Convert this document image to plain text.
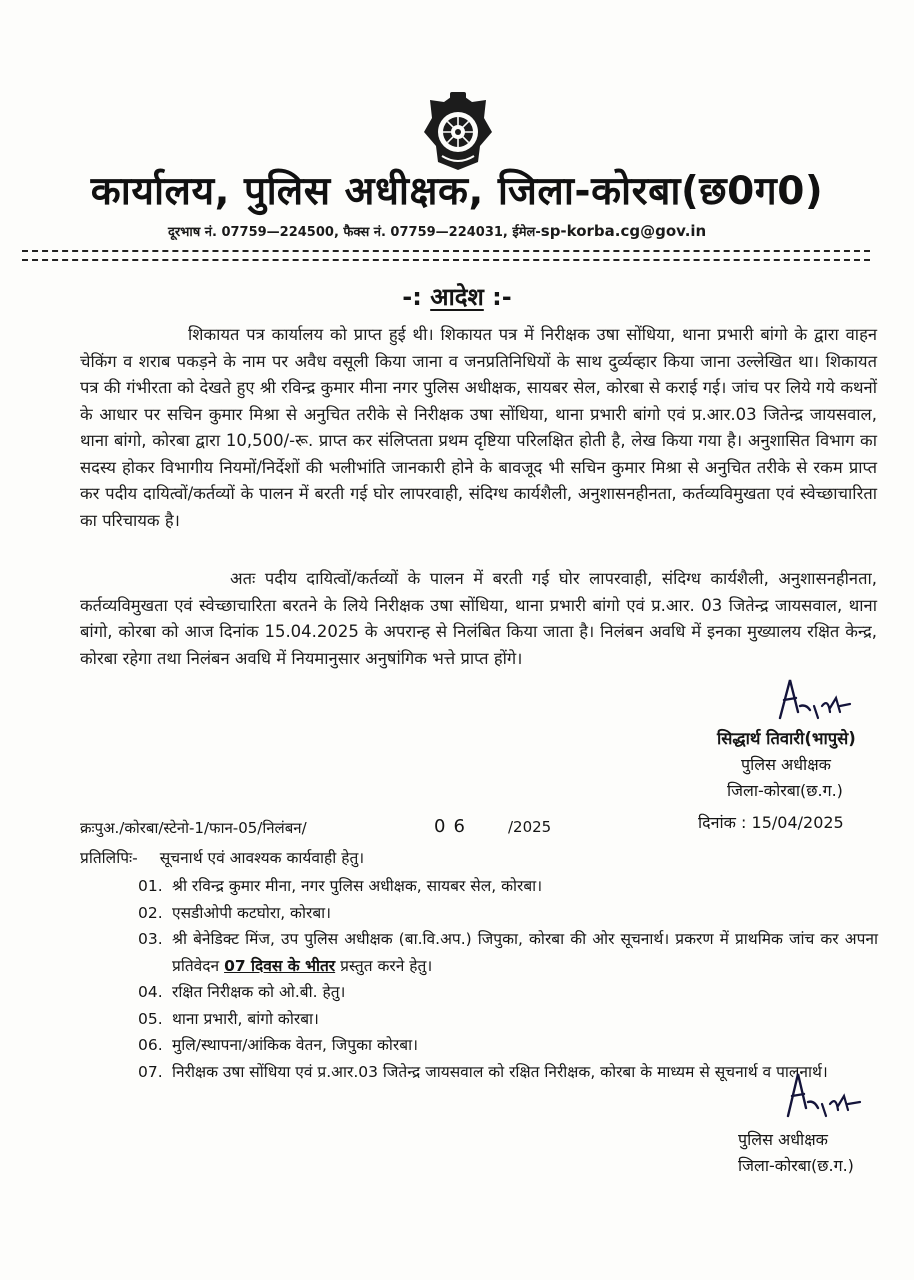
कार्यालय, पुलिस अधीक्षक, जिला-कोरबा(छ0ग0)
दूरभाष नं. 07759—224500, फैक्स नं. 07759—224031, ईमेल-sp-korba.cg@gov.in
-: आदेश :-
शिकायत पत्र कार्यालय को प्राप्त हुई थी। शिकायत पत्र में निरीक्षक उषा सोंधिया, थाना प्रभारी बांगो के द्वारा वाहन चेकिंग व शराब पकड़ने के नाम पर अवैध वसूली किया जाना व जनप्रतिनिधियों के साथ दुर्व्यव्हार किया जाना उल्लेखित था। शिकायत पत्र की गंभीरता को देखते हुए श्री रविन्द्र कुमार मीना नगर पुलिस अधीक्षक, सायबर सेल, कोरबा से कराई गई। जांच पर लिये गये कथनों के आधार पर सचिन कुमार मिश्रा से अनुचित तरीके से निरीक्षक उषा सोंधिया, थाना प्रभारी बांगो एवं प्र.आर.03 जितेन्द्र जायसवाल, थाना बांगो, कोरबा द्वारा 10,500/-रू. प्राप्त कर संलिप्तता प्रथम दृष्टिया परिलक्षित होती है, लेख किया गया है। अनुशासित विभाग का सदस्य होकर विभागीय नियमों/निर्देशों की भलीभांति जानकारी होने के बावजूद भी सचिन कुमार मिश्रा से अनुचित तरीके से रकम प्राप्त कर पदीय दायित्वों/कर्तव्यों के पालन में बरती गई घोर लापरवाही, संदिग्ध कार्यशैली, अनुशासनहीनता, कर्तव्यविमुखता एवं स्वेच्छाचारिता का परिचायक है।
अतः पदीय दायित्वों/कर्तव्यों के पालन में बरती गई घोर लापरवाही, संदिग्ध कार्यशैली, अनुशासनहीनता, कर्तव्यविमुखता एवं स्वेच्छाचारिता बरतने के लिये निरीक्षक उषा सोंधिया, थाना प्रभारी बांगो एवं प्र.आर. 03 जितेन्द्र जायसवाल, थाना बांगो, कोरबा को आज दिनांक 15.04.2025 के अपरान्ह से निलंबित किया जाता है। निलंबन अवधि में इनका मुख्यालय रक्षित केन्द्र, कोरबा रहेगा तथा निलंबन अवधि में नियमानुसार अनुषांगिक भत्ते प्राप्त होंगे।
सिद्धार्थ तिवारी(भापुसे)
पुलिस अधीक्षक
जिला-कोरबा(छ.ग.)
क्रःपुअ./कोरबा/स्टेनो-1/फान-05/निलंबन/	06 /2025	दिनांक : 15/04/2025
प्रतिलिपिः- सूचनार्थ एवं आवश्यक कार्यवाही हेतु।
01. श्री रविन्द्र कुमार मीना, नगर पुलिस अधीक्षक, सायबर सेल, कोरबा।
02. एसडीओपी कटघोरा, कोरबा।
03. श्री बेनेडिक्ट मिंज, उप पुलिस अधीक्षक (बा.वि.अप.) जिपुका, कोरबा की ओर सूचनार्थ। प्रकरण में प्राथमिक जांच कर अपना प्रतिवेदन 07 दिवस के भीतर प्रस्तुत करने हेतु।
04. रक्षित निरीक्षक को ओ.बी. हेतु।
05. थाना प्रभारी, बांगो कोरबा।
06. मुलि/स्थापना/आंकिक वेतन, जिपुका कोरबा।
07. निरीक्षक उषा सोंधिया एवं प्र.आर.03 जितेन्द्र जायसवाल को रक्षित निरीक्षक, कोरबा के माध्यम से सूचनार्थ व पालनार्थ।
पुलिस अधीक्षक
जिला-कोरबा(छ.ग.)
